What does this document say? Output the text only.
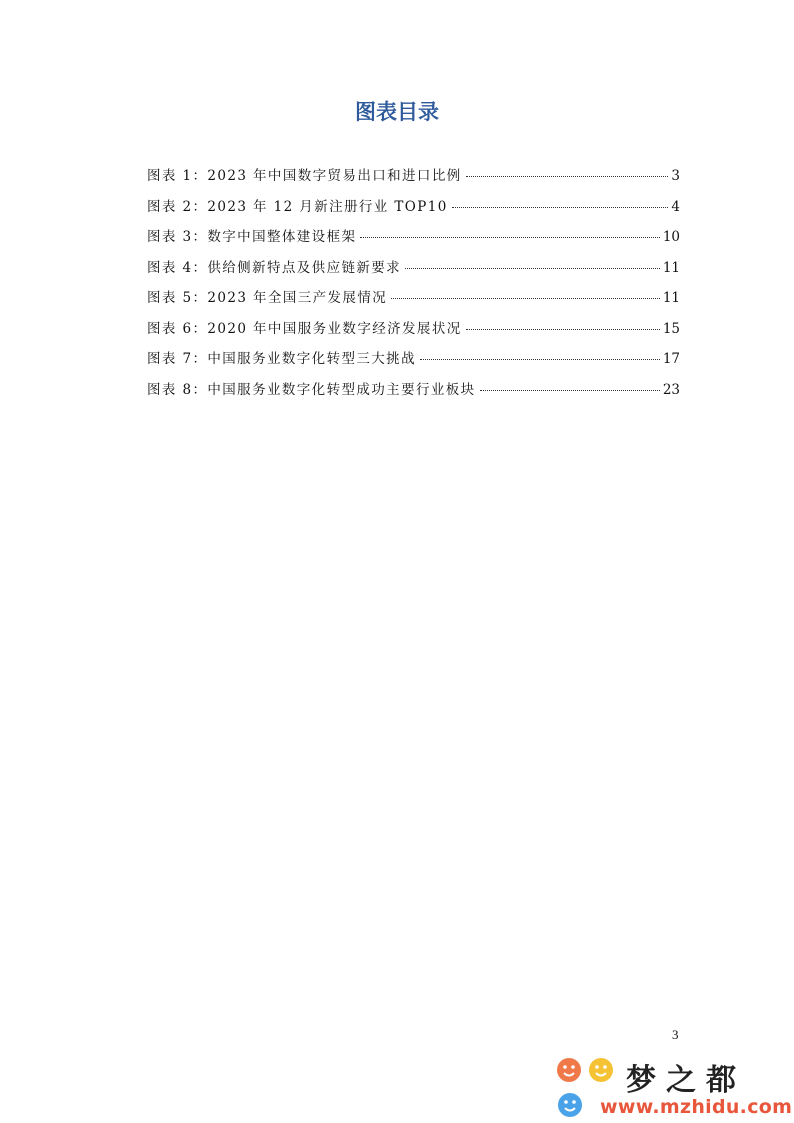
图表目录
图表 1：2023 年中国数字贸易出口和进口比例	3
图表 2：2023 年 12 月新注册行业 TOP10	4
图表 3：数字中国整体建设框架	10
图表 4：供给侧新特点及供应链新要求	11
图表 5：2023 年全国三产发展情况	11
图表 6：2020 年中国服务业数字经济发展状况	15
图表 7：中国服务业数字化转型三大挑战	17
图表 8：中国服务业数字化转型成功主要行业板块	23
3
梦之都
www.mzhidu.com
